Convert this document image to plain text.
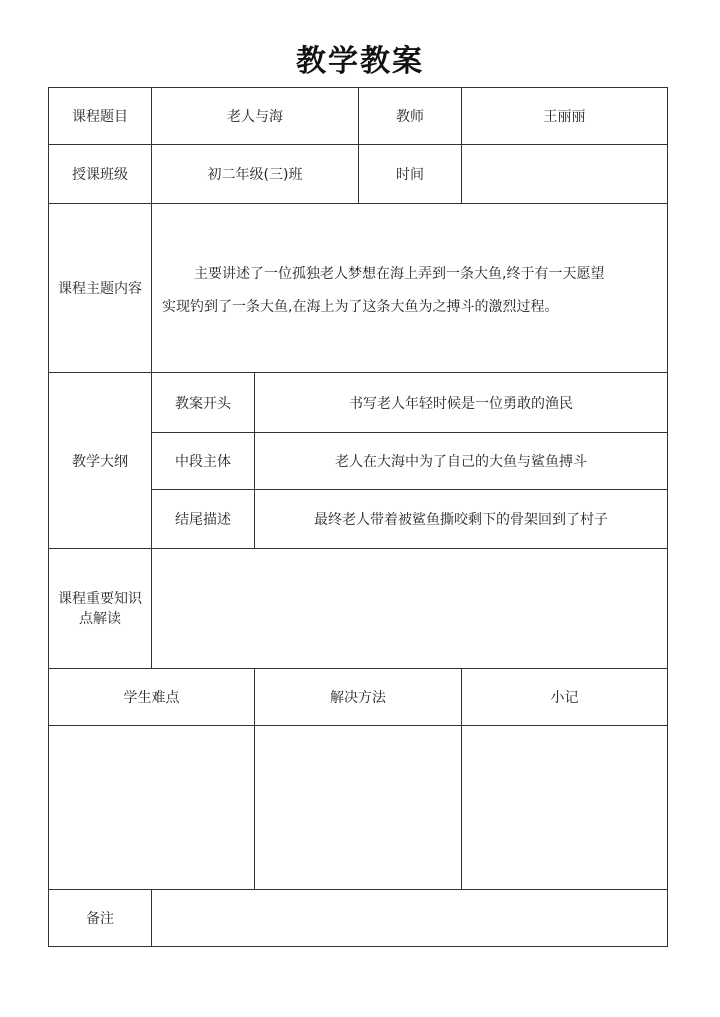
教学教案
课程题目	老人与海	教师	王丽丽
授课班级	初二年级(三)班	时间
课程主题内容
主要讲述了一位孤独老人梦想在海上弄到一条大鱼,终于有一天愿望
实现钓到了一条大鱼,在海上为了这条大鱼为之搏斗的激烈过程。
教学大纲
教案开头	书写老人年轻时候是一位勇敢的渔民
中段主体	老人在大海中为了自己的大鱼与鲨鱼搏斗
结尾描述	最终老人带着被鲨鱼撕咬剩下的骨架回到了村子
课程重要知识
点解读
学生难点	解决方法	小记
备注
